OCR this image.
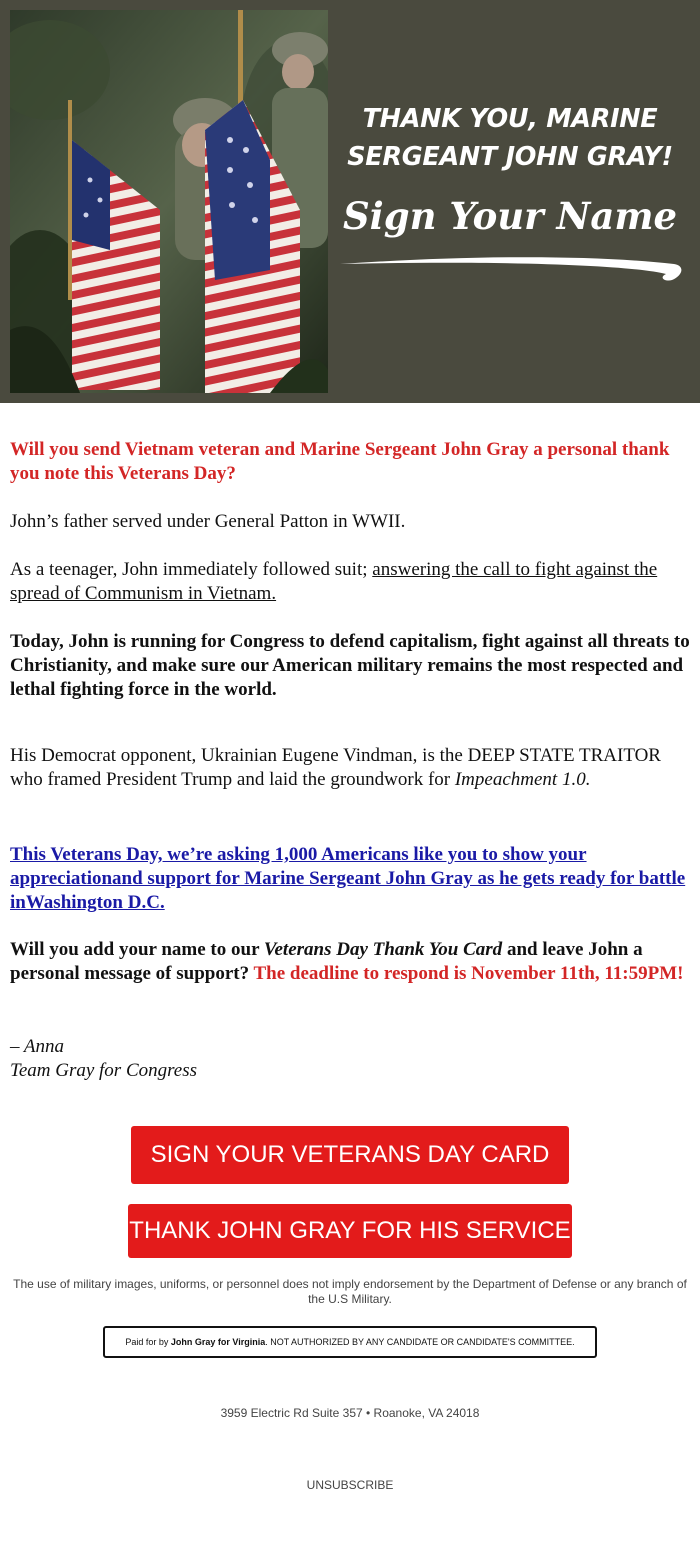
THANK YOU, MARINE
SERGEANT JOHN GRAY!
Sign Your Name

Will you send Vietnam veteran and Marine Sergeant John Gray a personal thank you note this Veterans Day?

John’s father served under General Patton in WWII.

As a teenager, John immediately followed suit; answering the call to fight against the spread of Communism in Vietnam.

Today, John is running for Congress to defend capitalism, fight against all threats to Christianity, and make sure our American military remains the most respected and lethal fighting force in the world.

His Democrat opponent, Ukrainian Eugene Vindman, is the DEEP STATE TRAITOR who framed President Trump and laid the groundwork for Impeachment 1.0.

This Veterans Day, we’re asking 1,000 Americans like you to show your appreciationand support for Marine Sergeant John Gray as he gets ready for battle inWashington D.C.

Will you add your name to our Veterans Day Thank You Card and leave John a personal message of support? The deadline to respond is November 11th, 11:59PM!

– Anna
Team Gray for Congress

SIGN YOUR VETERANS DAY CARD
THANK JOHN GRAY FOR HIS SERVICE
The use of military images, uniforms, or personnel does not imply endorsement by the Department of Defense or any branch of the U.S Military.
Paid for by John Gray for Virginia. NOT AUTHORIZED BY ANY CANDIDATE OR CANDIDATE'S COMMITTEE.
3959 Electric Rd Suite 357 • Roanoke, VA 24018
UNSUBSCRIBE
